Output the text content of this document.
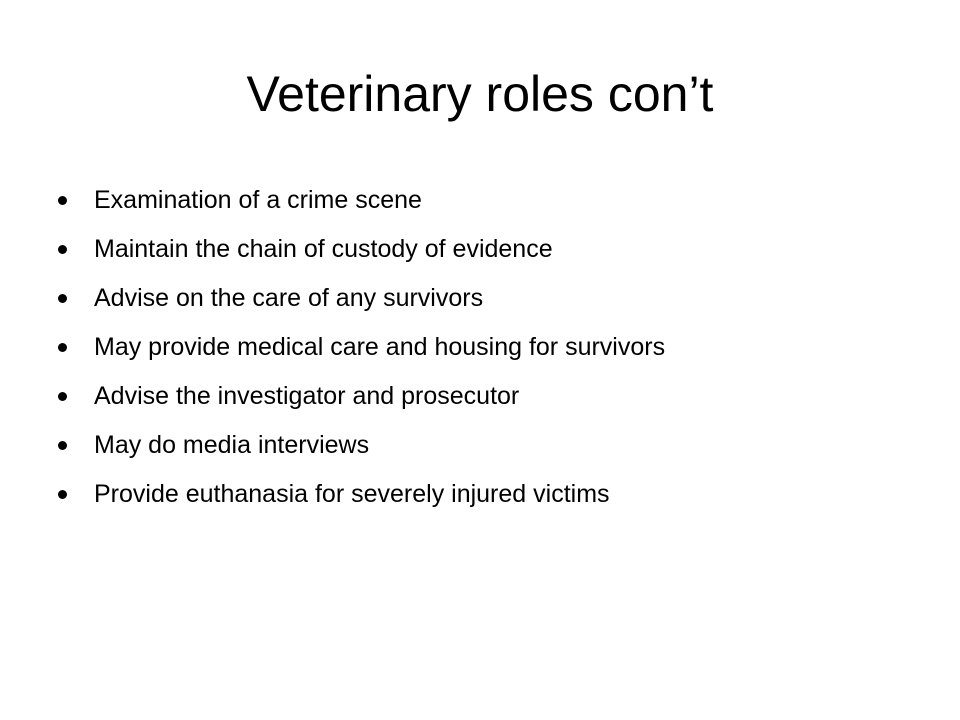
Veterinary roles con’t
Examination of a crime scene
Maintain the chain of custody of evidence
Advise on the care of any survivors
May provide medical care and housing for survivors
Advise the investigator and prosecutor
May do media interviews
Provide euthanasia for severely injured victims
